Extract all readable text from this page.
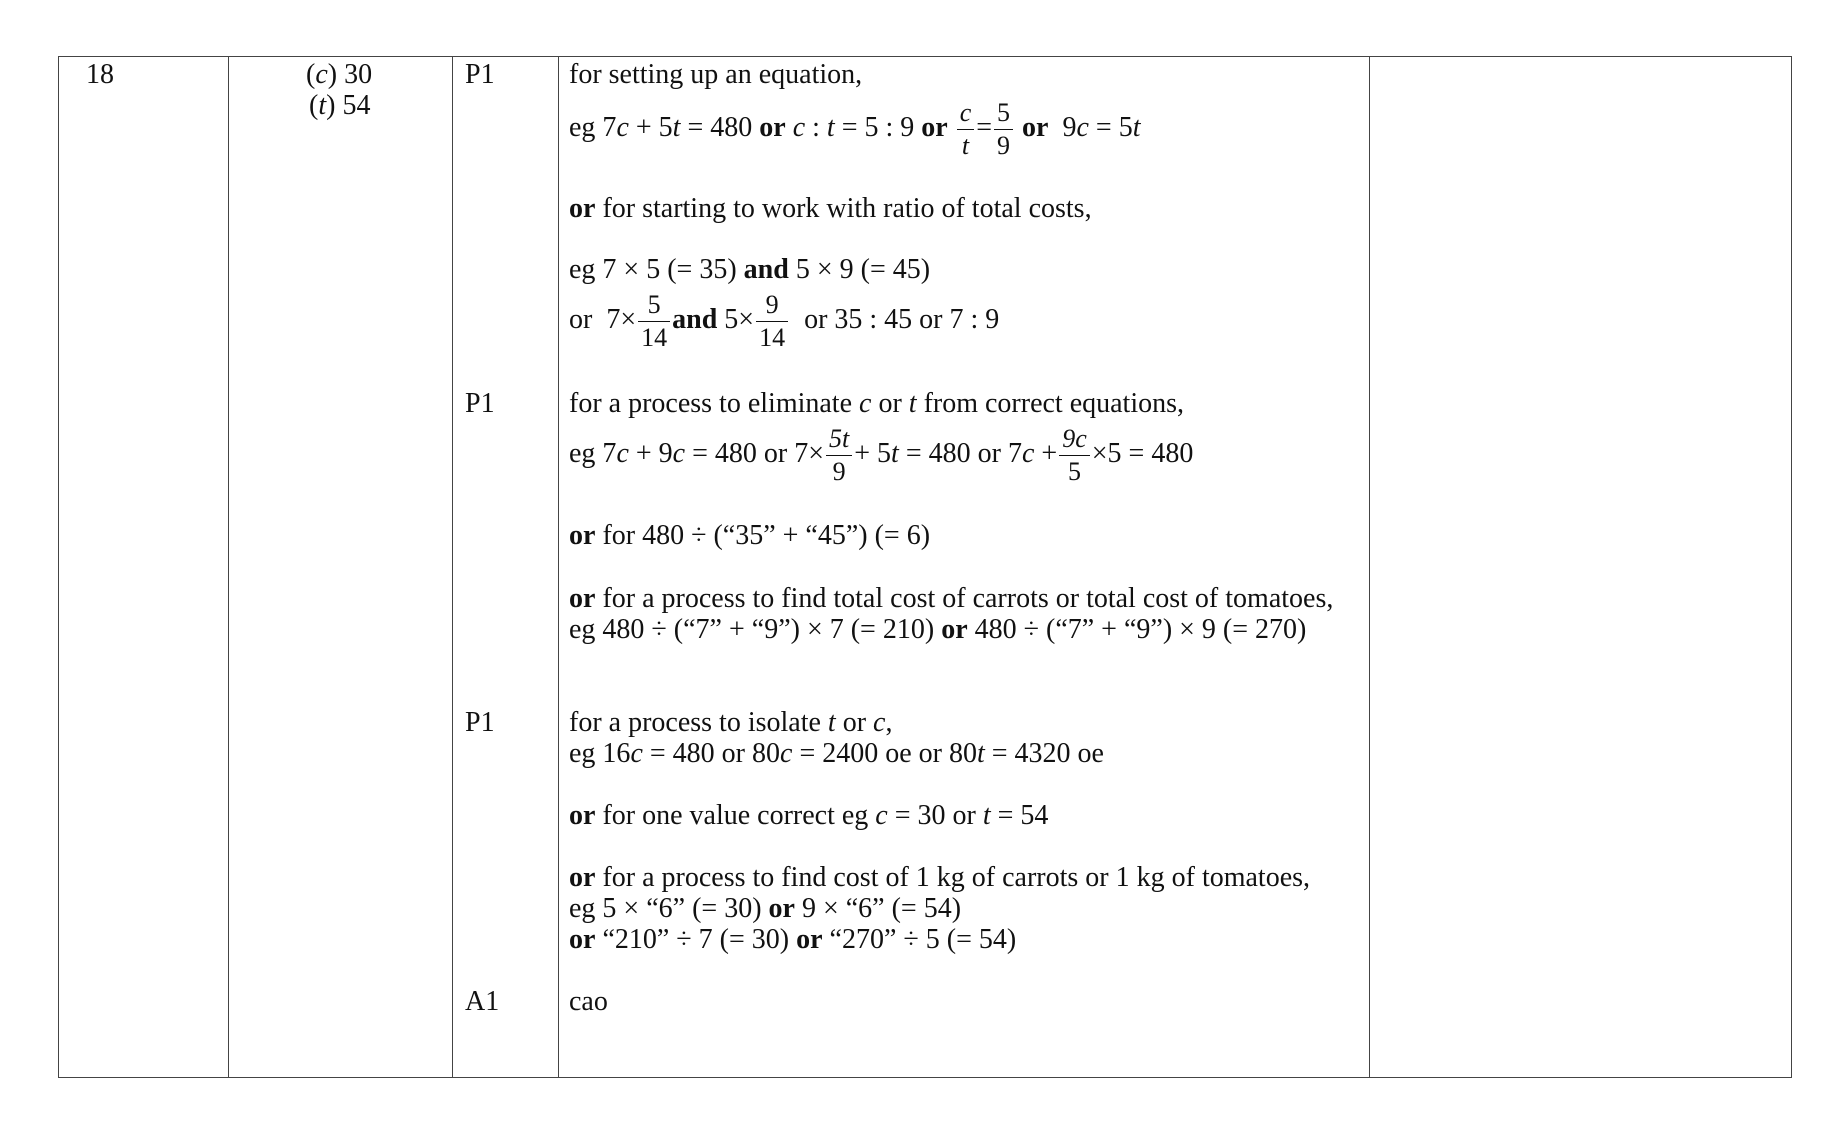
18	(c) 30
(t) 54
P1
P1
P1
A1
for setting up an equation,
eg 7c + 5t = 480 or c : t = 5 : 9 or $\frac{c}{t} = \frac{5}{9}$ or 9c = 5t
or for starting to work with ratio of total costs,
eg 7 × 5 (= 35) and 5 × 9 (= 45)
or $7\times \frac{5}{14}$ and $5\times \frac{9}{14}$ or 35 : 45 or 7 : 9
for a process to eliminate c or t from correct equations,
eg 7c + 9c = 480 or $7\times \frac{5t}{9} + 5t = 480$ or $7c + \frac{9c}{5} \times 5 = 480$
or for 480 ÷ (“35” + “45”) (= 6)
or for a process to find total cost of carrots or total cost of tomatoes,
eg 480 ÷ (“7” + “9”) × 7 (= 210) or 480 ÷ (“7” + “9”) × 9 (= 270)
for a process to isolate t or c,
eg 16c = 480 or 80c = 2400 oe or 80t = 4320 oe
or for one value correct eg c = 30 or t = 54
or for a process to find cost of 1 kg of carrots or 1 kg of tomatoes,
eg 5 × “6” (= 30) or 9 × “6” (= 54)
or “210” ÷ 7 (= 30) or “270” ÷ 5 (= 54)
cao
